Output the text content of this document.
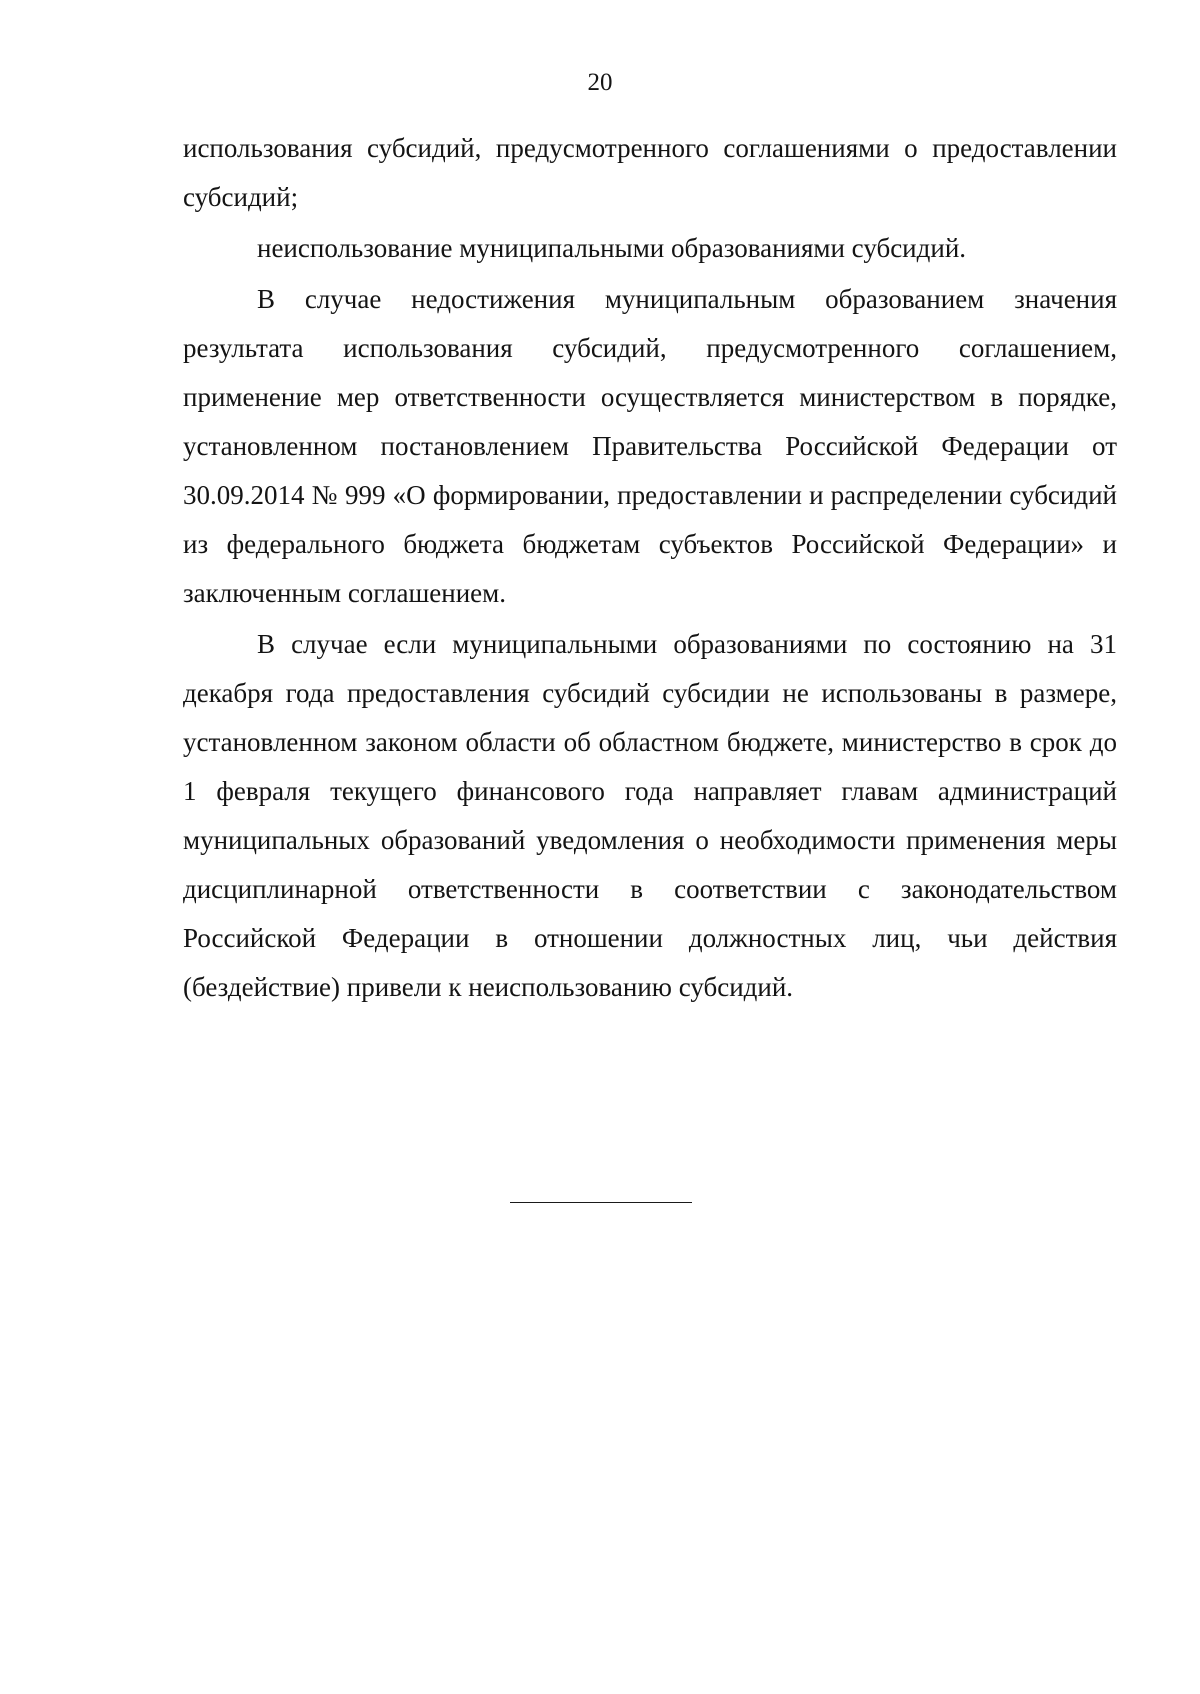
20

использования субсидий, предусмотренного соглашениями о предоставлении субсидий;

неиспользование муниципальными образованиями субсидий.

В случае недостижения муниципальным образованием значения результата использования субсидий, предусмотренного соглашением, применение мер ответственности осуществляется министерством в порядке, установленном постановлением Правительства Российской Федерации от 30.09.2014 № 999 «О формировании, предоставлении и распределении субсидий из федерального бюджета бюджетам субъектов Российской Федерации» и заключенным соглашением.

В случае если муниципальными образованиями по состоянию на 31 декабря года предоставления субсидий субсидии не использованы в размере, установленном законом области об областном бюджете, министерство в срок до 1 февраля текущего финансового года направляет главам администраций муниципальных образований уведомления о необходимости применения меры дисциплинарной ответственности в соответствии с законодательством Российской Федерации в отношении должностных лиц, чьи действия (бездействие) привели к неиспользованию субсидий.
